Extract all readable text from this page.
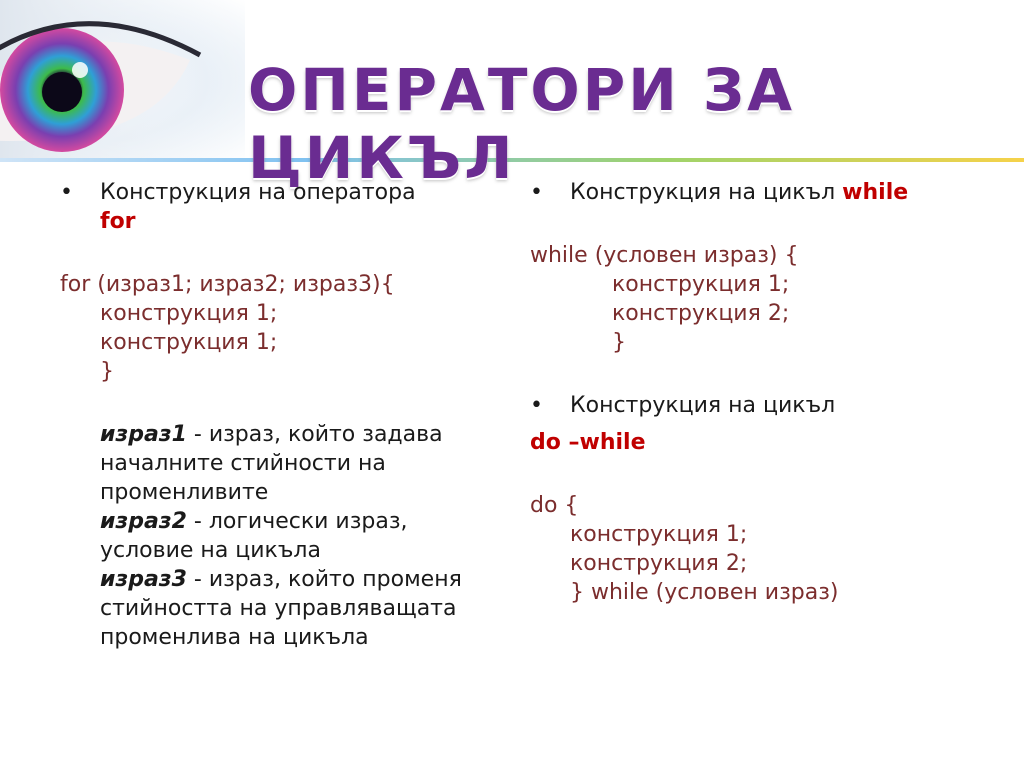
ОПЕРАТОРИ ЗА ЦИКЪЛ
•	Конструкция на оператора
for
for (израз1; израз2; израз3){
конструкция 1;
конструкция 1;
}
израз1 - израз, който задава началните стийности на променливите
израз2 - логически израз, условие на цикъла
израз3 - израз, който променя стийността на управляващата променлива на цикъла
•	Конструкция на цикъл while
while (условен израз) {
конструкция 1;
конструкция 2;
}
•	Конструкция на цикъл
do –while
do {
конструкция 1;
конструкция 2;
} while (условен израз)
